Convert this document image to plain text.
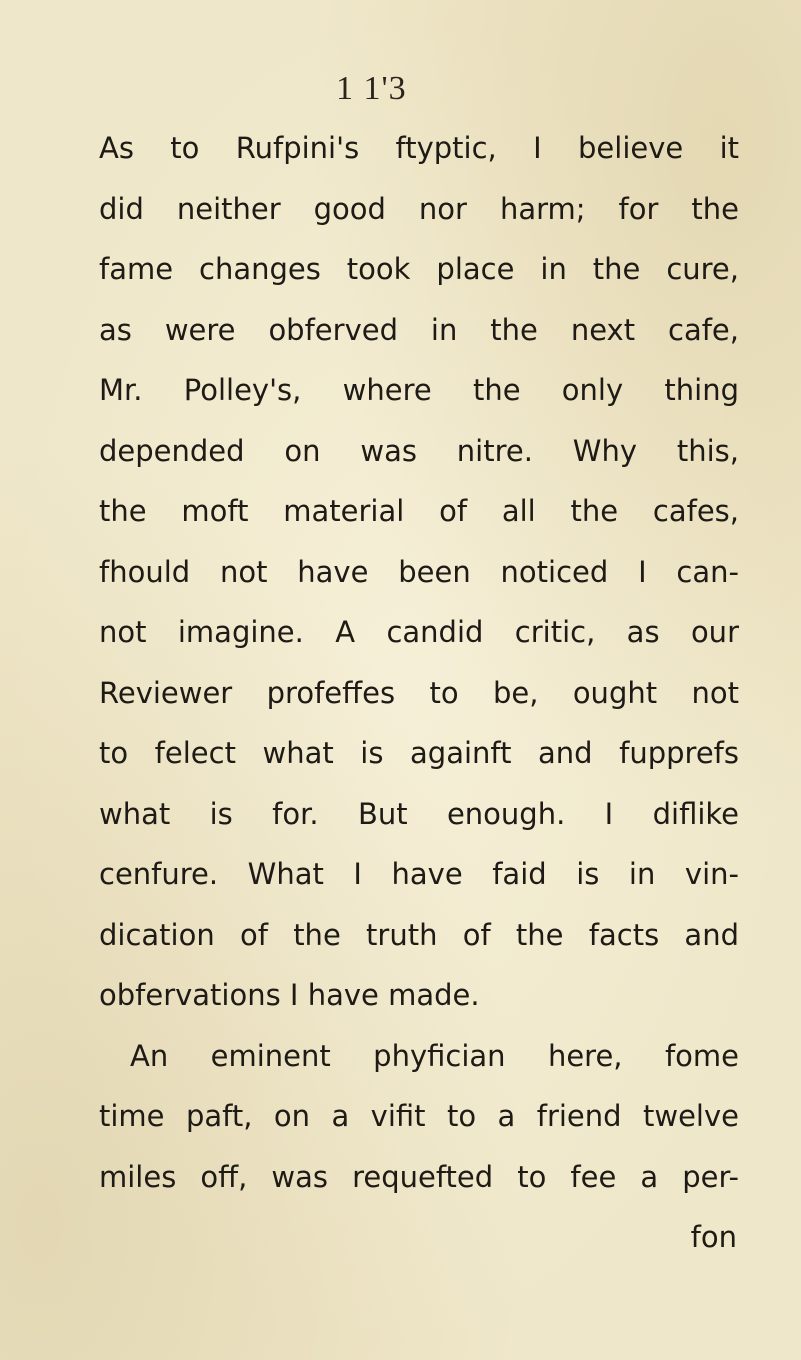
1 1'3
As to Rufpini's ftyptic, I believe it
did neither good nor harm; for the
fame changes took place in the cure,
as were obferved in the next cafe,
Mr. Polley's, where the only thing
depended on was nitre. Why this,
the moft material of all the cafes,
fhould not have been noticed I can-
not imagine. A candid critic, as our
Reviewer profeffes to be, ought not
to felect what is againft and fupprefs
what is for. But enough. I diflike
cenfure. What I have faid is in vin-
dication of the truth of the facts and
obfervations I have made.
An eminent phyfician here, fome
time paft, on a vifit to a friend twelve
miles off, was requefted to fee a per-
fon
